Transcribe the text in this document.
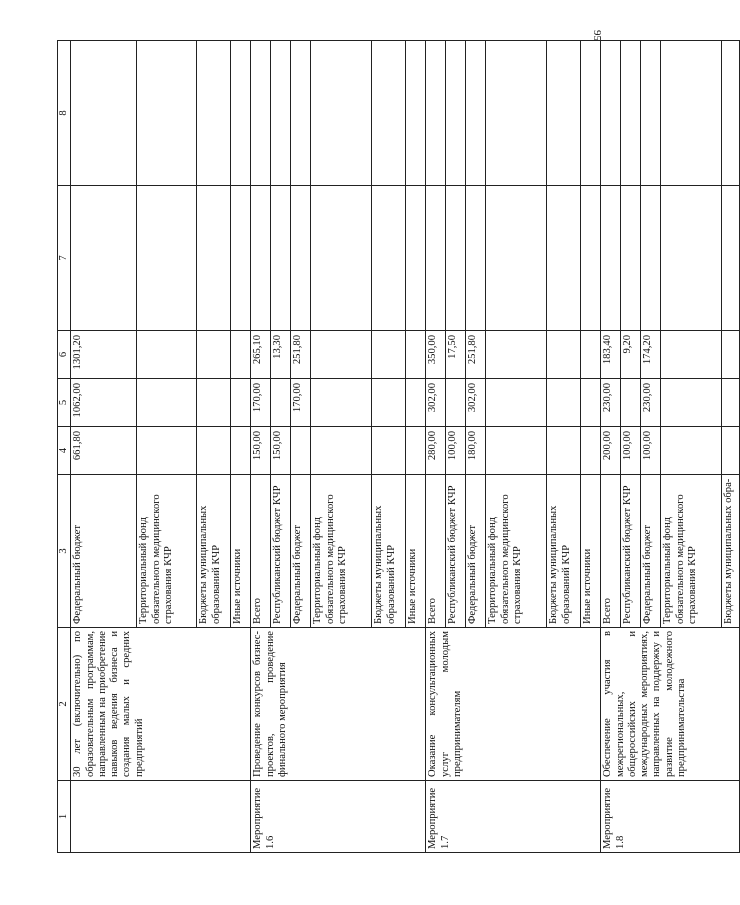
95
1	2	3	4	5	6	7	8
	30 лет (включительно) по образовательным программам, направленным на приобретение навыков ведения бизнеса и создания малых и средних предприятий	Федеральный бюджет	661,80	1062,00	1301,20		
		Территориальный фонд обязательного медицинского страхования КЧР					
		Бюджеты муниципальных образований КЧР					
		Иные источники					
Мероприятие 1.6	Проведение конкурсов бизнес-проектов, проведение финального мероприятия	Всего	150,00	170,00	265,10		
		Республиканский бюджет КЧР	150,00		13,30		
		Федеральный бюджет		170,00	251,80		
		Территориальный фонд обязательного медицинского страхования КЧР					
		Бюджеты муниципальных образований КЧР					
		Иные источники					
Мероприятие 1.7	Оказание консультационных услуг молодым предпринимателям	Всего	280,00	302,00	350,00		
		Республиканский бюджет КЧР	100,00		17,50		
		Федеральный бюджет	180,00	302,00	251,80		
		Территориальный фонд обязательного медицинского страхования КЧР					
		Бюджеты муниципальных образований КЧР					
		Иные источники					
Мероприятие 1.8	Обеспечение участия в межрегиональных, общероссийских и международных мероприятиях, направленных на поддержку и развитие молодежного предпринимательства	Всего	200,00	230,00	183,40		
		Республиканский бюджет КЧР	100,00		9,20		
		Федеральный бюджет	100,00	230,00	174,20		
		Территориальный фонд обязательного медицинского страхования КЧР					
		Бюджеты муниципальных обра-					
